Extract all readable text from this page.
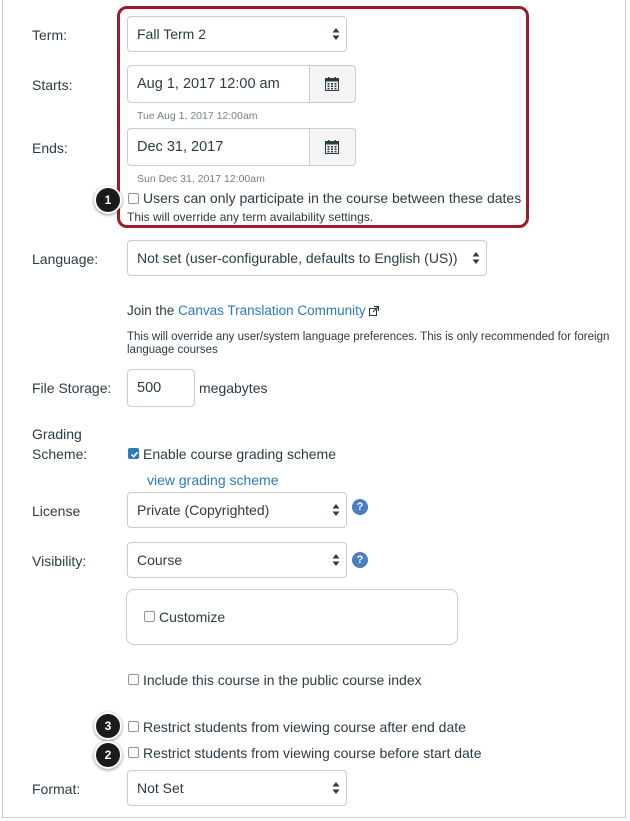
Term:	Fall Term 2
Starts:	Aug 1, 2017 12:00 am
Tue Aug 1, 2017 12:00am
Ends:	Dec 31, 2017
Sun Dec 31, 2017 12:00am
1	Users can only participate in the course between these dates
This will override any term availability settings.
Language:	Not set (user-configurable, defaults to English (US))
Join the Canvas Translation Community
This will override any user/system language preferences. This is only recommended for foreign language courses
File Storage:	500	megabytes
Grading
Scheme:	Enable course grading scheme
view grading scheme
License	Private (Copyrighted)	?
Visibility:	Course	?
Customize
Include this course in the public course index
3	Restrict students from viewing course after end date
2	Restrict students from viewing course before start date
Format:	Not Set
